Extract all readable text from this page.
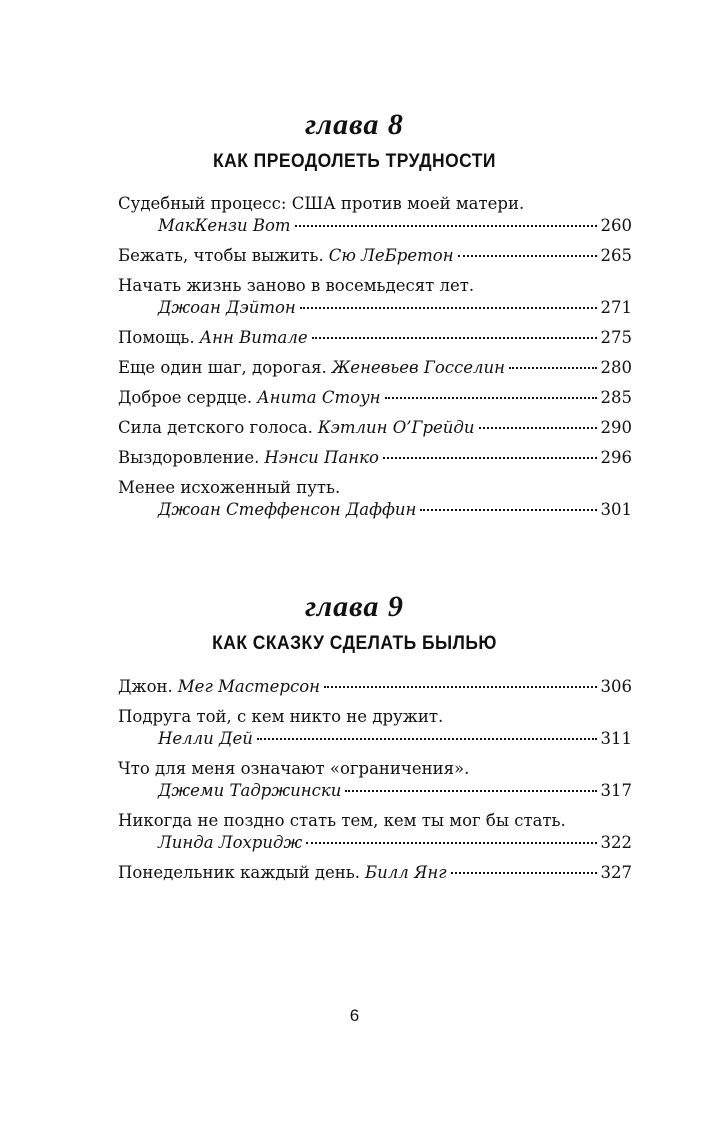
глава 8
КАК ПРЕОДОЛЕТЬ ТРУДНОСТИ
Судебный процесс: США против моей матери.
МакКензи Вот	260
Бежать, чтобы выжить. Сю ЛеБретон	265
Начать жизнь заново в восемьдесят лет.
Джоан Дэйтон	271
Помощь. Анн Витале	275
Еще один шаг, дорогая. Женевьев Госселин	280
Доброе сердце. Анита Стоун	285
Сила детского голоса. Кэтлин О’Грейди	290
Выздоровление. Нэнси Панко	296
Менее исхоженный путь.
Джоан Стеффенсон Даффин	301
глава 9
КАК СКАЗКУ СДЕЛАТЬ БЫЛЬЮ
Джон. Мег Мастерсон	306
Подруга той, с кем никто не дружит.
Нелли Дей	311
Что для меня означают «ограничения».
Джеми Тадржински	317
Никогда не поздно стать тем, кем ты мог бы стать.
Линда Лохридж	322
Понедельник каждый день. Билл Янг	327
6
